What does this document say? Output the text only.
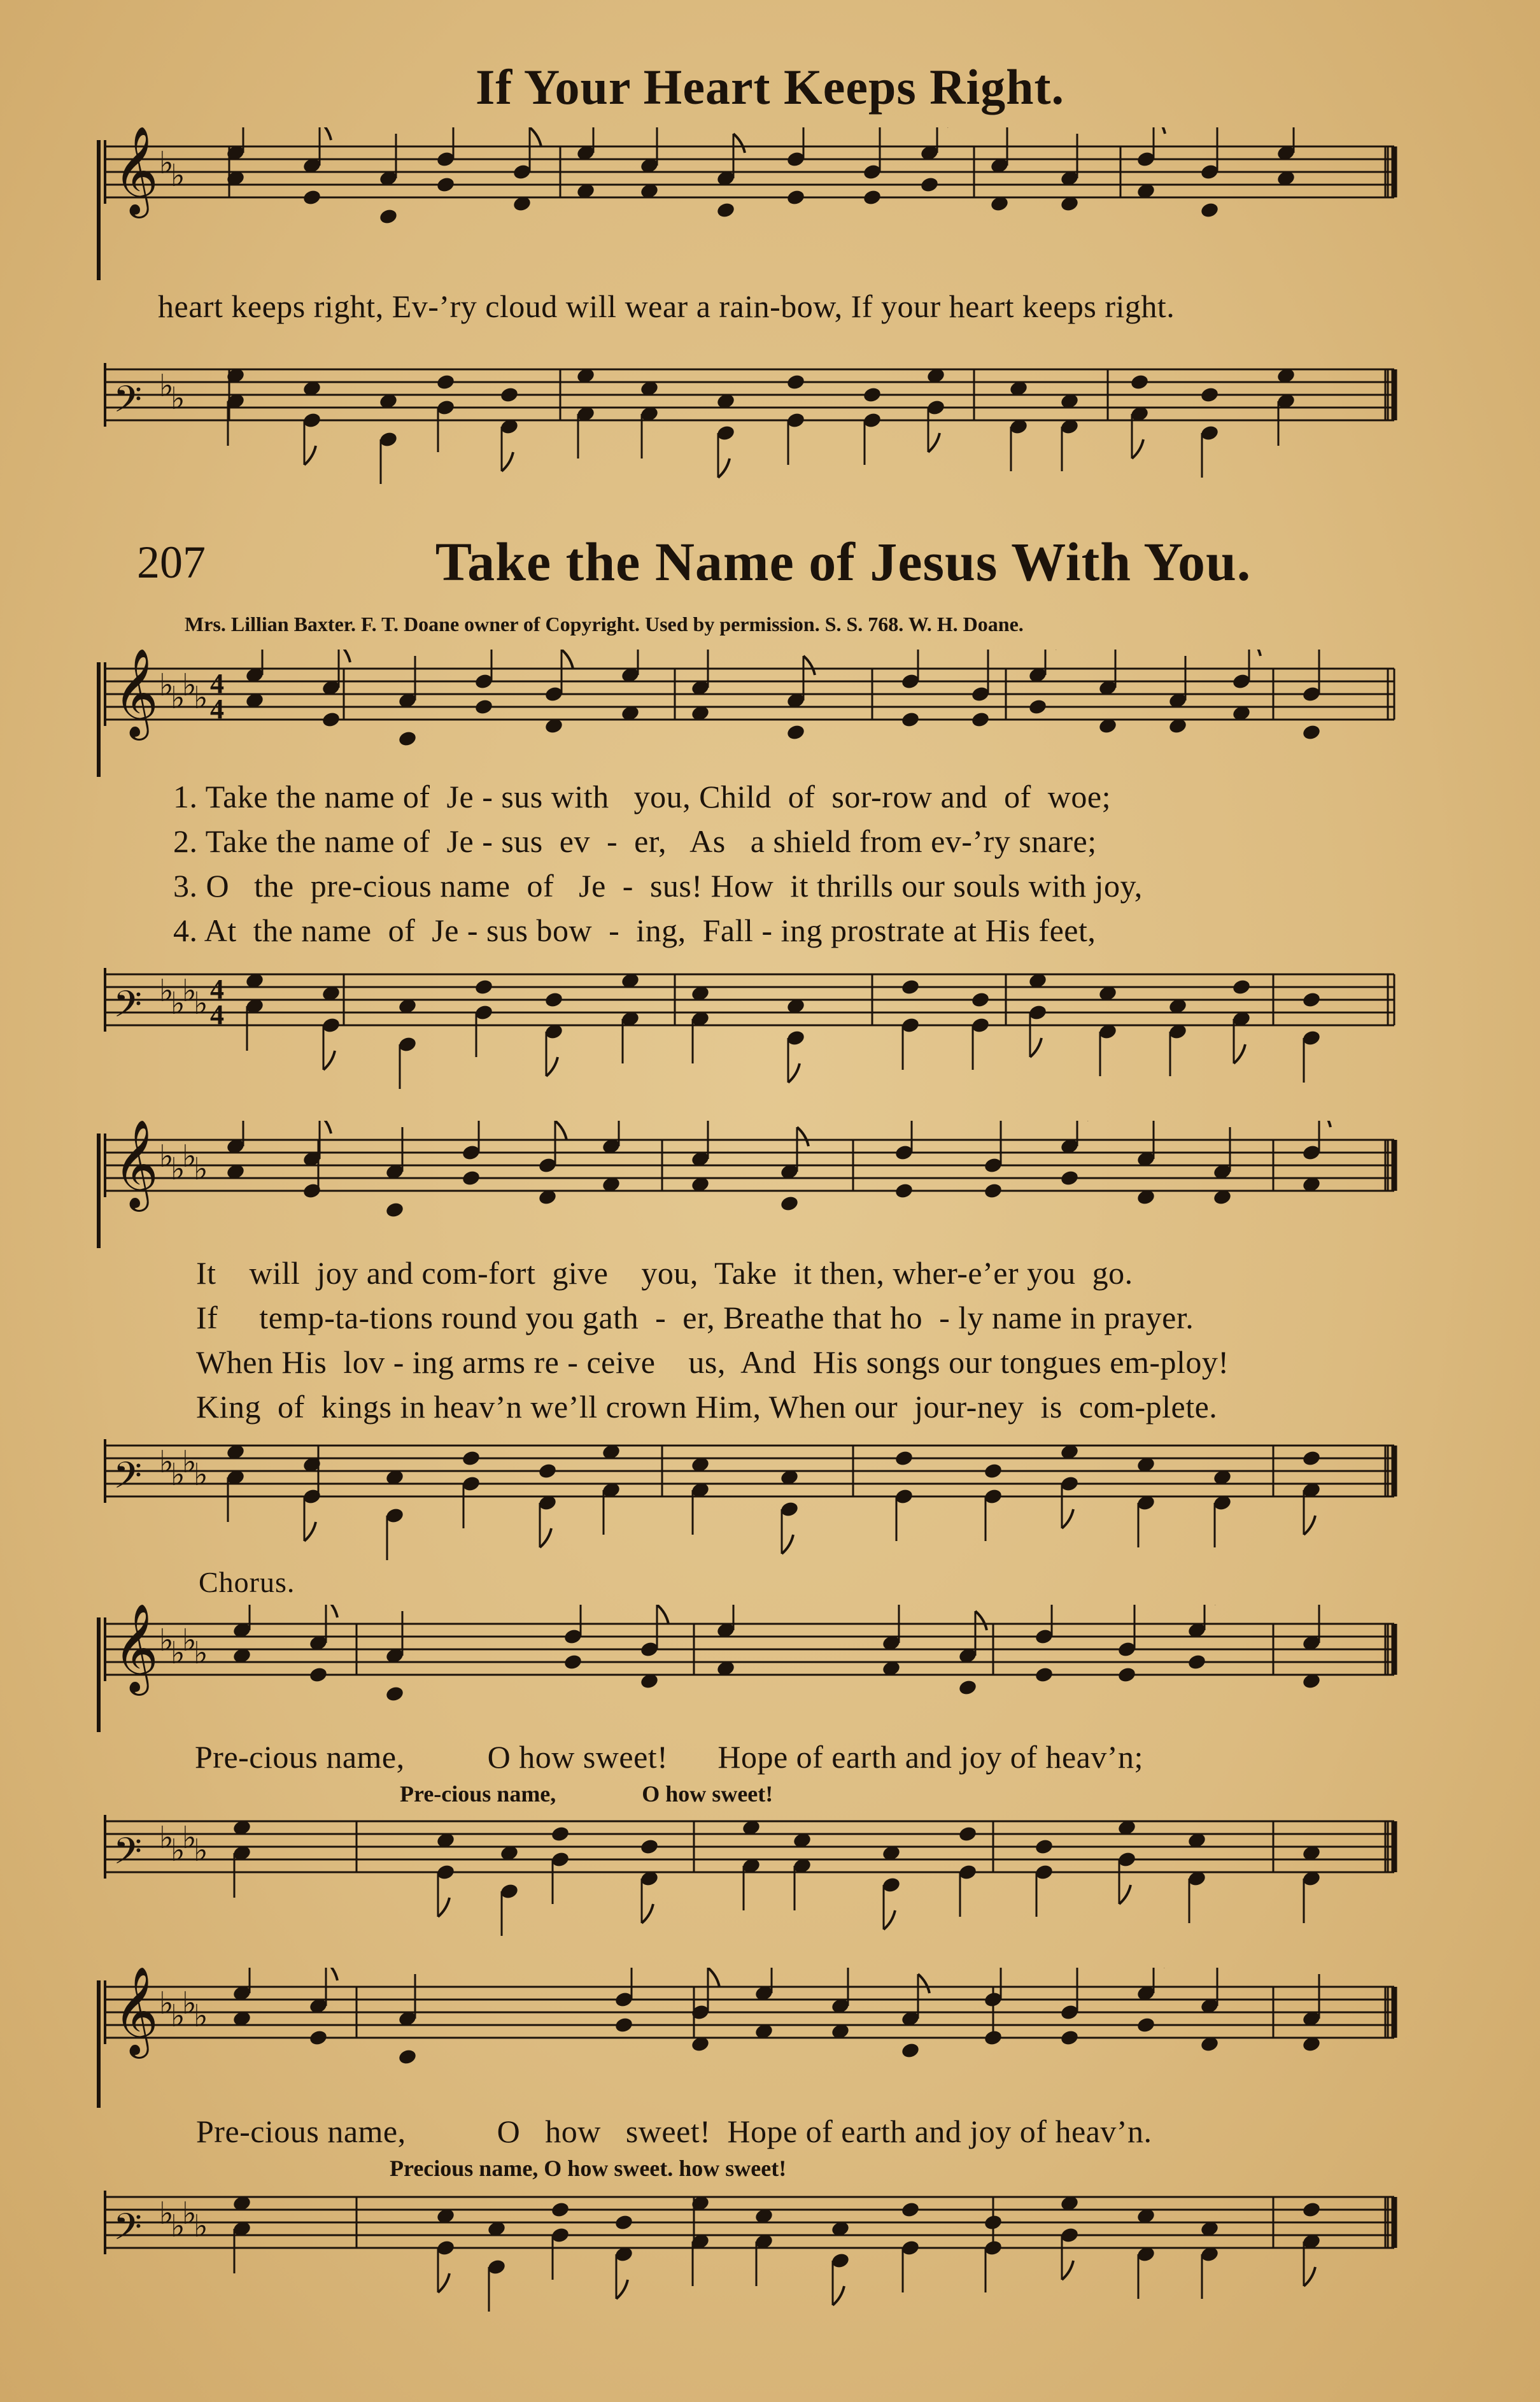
If Your Heart Keeps Right.
𝄞 ♭
♭
heart keeps right, Ev-’ry cloud will wear a rain-bow, If your heart keeps right.
𝄢 ♭
♭
207	Take the Name of Jesus With You.
Mrs. Lillian Baxter. F. T. Doane owner of Copyright. Used by permission. S. S. 768. W. H. Doane.
𝄞 ♭
♭
♭
♭ 4
4
1. Take the name of  Je - sus with   you, Child  of  sor-row and  of  woe;
2. Take the name of  Je - sus  ev  -  er,   As   a shield from ev-’ry snare;
3. O   the  pre-cious name  of   Je  -  sus! How  it thrills our souls with joy,
4. At  the name  of  Je - sus bow  -  ing,  Fall - ing prostrate at His feet,
𝄢 ♭
♭
♭
♭ 4
4
𝄞 ♭
♭
♭
♭
It    will  joy and com-fort  give    you,  Take  it then, wher-e’er you  go.
If     temp-ta-tions round you gath  -  er, Breathe that ho  - ly name in prayer.
When His  lov - ing arms re - ceive    us,  And  His songs our tongues em-ploy!
King  of  kings in heav’n we’ll crown Him, When our  jour-ney  is  com-plete.
𝄢 ♭
♭
♭
♭
Chorus.
𝄞 ♭
♭
♭
♭
Pre-cious name,          O how sweet!      Hope of earth and joy of heav’n;
Pre-cious name,               O how sweet!
𝄢 ♭
♭
♭
♭
𝄞 ♭
♭
♭
♭
Pre-cious name,           O   how   sweet!  Hope of earth and joy of heav’n.
Precious name, O how sweet. how sweet!
𝄢 ♭
♭
♭
♭
